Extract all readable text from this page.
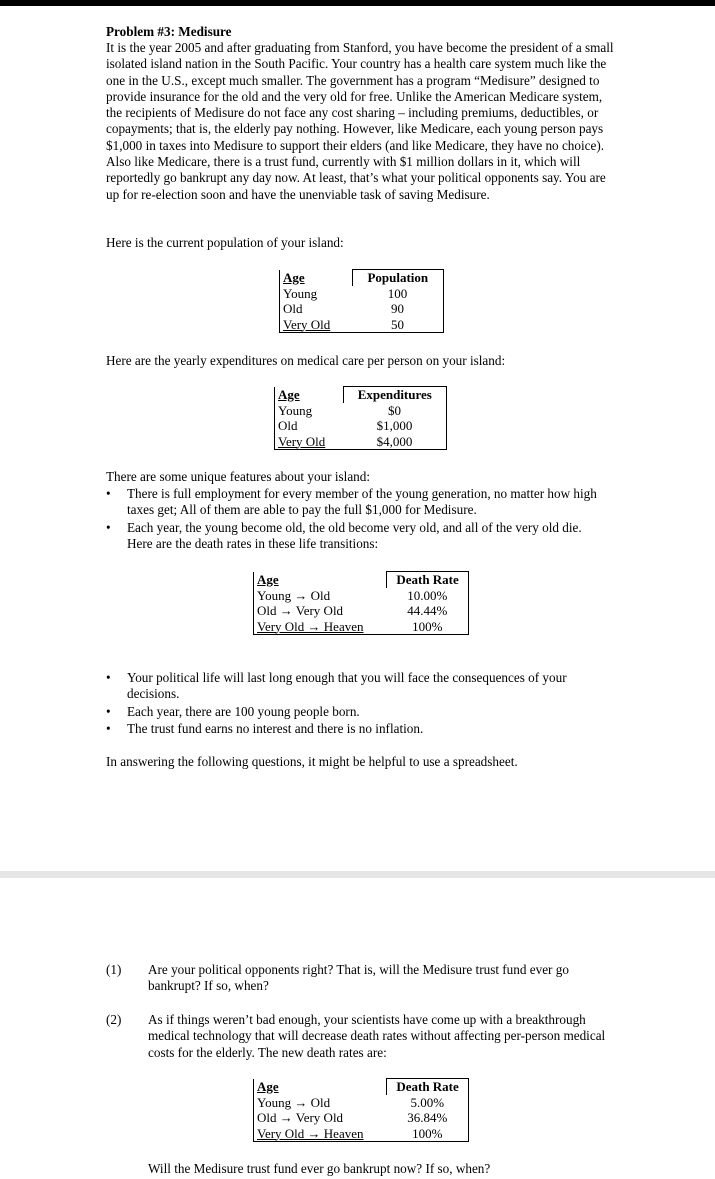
Problem #3: Medisure
It is the year 2005 and after graduating from Stanford, you have become the president of a small isolated island nation in the South Pacific. Your country has a health care system much like the one in the U.S., except much smaller. The government has a program “Medisure” designed to provide insurance for the old and the very old for free. Unlike the American Medicare system, the recipients of Medisure do not face any cost sharing – including premiums, deductibles, or copayments; that is, the elderly pay nothing. However, like Medicare, each young person pays $1,000 in taxes into Medisure to support their elders (and like Medicare, they have no choice). Also like Medicare, there is a trust fund, currently with $1 million dollars in it, which will reportedly go bankrupt any day now. At least, that’s what your political opponents say. You are up for re-election soon and have the unenviable task of saving Medisure.
Here is the current population of your island:
Age	Population
Young	100
Old	90
Very Old	50
Here are the yearly expenditures on medical care per person on your island:
Age	Expenditures
Young	$0
Old	$1,000
Very Old	$4,000
There are some unique features about your island:
• There is full employment for every member of the young generation, no matter how high taxes get; All of them are able to pay the full $1,000 for Medisure.
• Each year, the young become old, the old become very old, and all of the very old die. Here are the death rates in these life transitions:
Age	Death Rate
Young → Old	10.00%
Old → Very Old	44.44%
Very Old → Heaven	100%
• Your political life will last long enough that you will face the consequences of your decisions.
• Each year, there are 100 young people born.
• The trust fund earns no interest and there is no inflation.
In answering the following questions, it might be helpful to use a spreadsheet.
(1) Are your political opponents right? That is, will the Medisure trust fund ever go bankrupt? If so, when?
(2) As if things weren’t bad enough, your scientists have come up with a breakthrough medical technology that will decrease death rates without affecting per-person medical costs for the elderly. The new death rates are:
Age	Death Rate
Young → Old	5.00%
Old → Very Old	36.84%
Very Old → Heaven	100%
Will the Medisure trust fund ever go bankrupt now? If so, when?
